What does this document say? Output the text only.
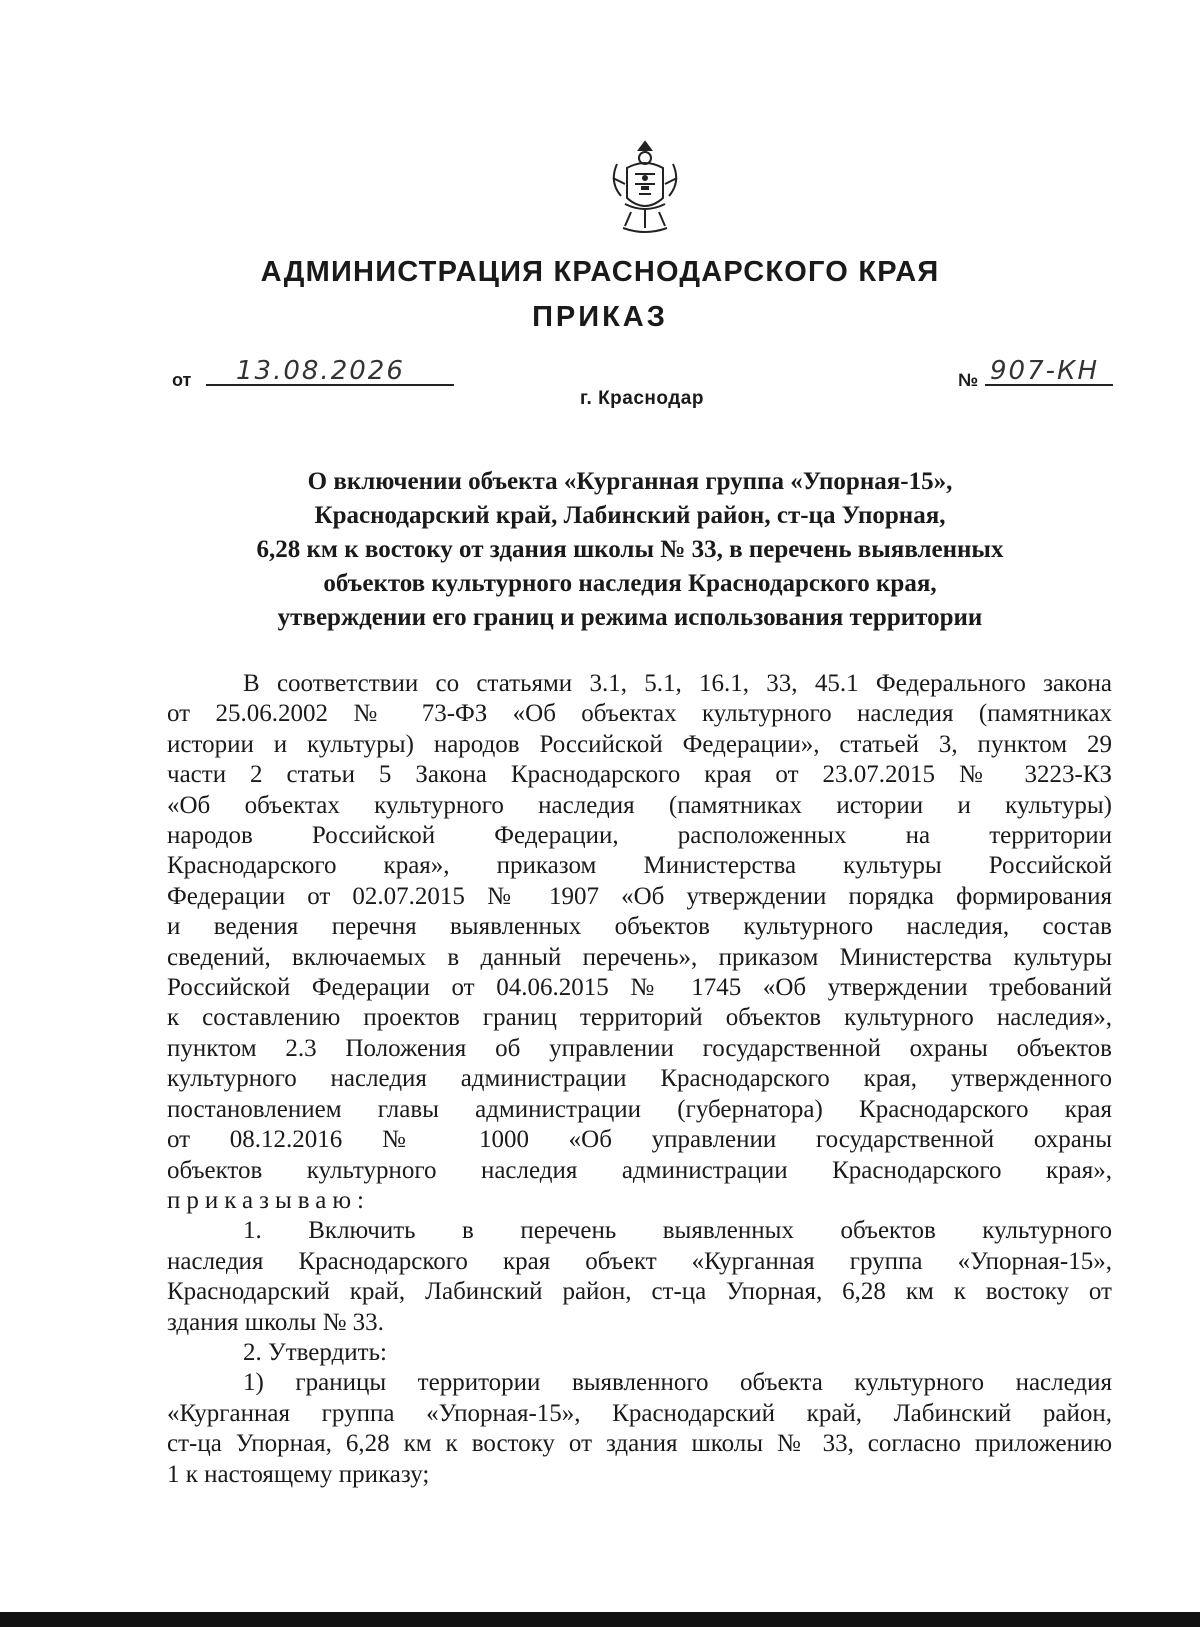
АДМИНИСТРАЦИЯ КРАСНОДАРСКОГО КРАЯ
ПРИКАЗ
от 13.08.2026	№ 907-КН
г. Краснодар
О включении объекта «Курганная группа «Упорная-15»,
Краснодарский край, Лабинский район, ст-ца Упорная,
6,28 км к востоку от здания школы № 33, в перечень выявленных
объектов культурного наследия Краснодарского края,
утверждении его границ и режима использования территории
В соответствии со статьями 3.1, 5.1, 16.1, 33, 45.1 Федерального закона
от 25.06.2002 № 73-ФЗ «Об объектах культурного наследия (памятниках
истории и культуры) народов Российской Федерации», статьей 3, пунктом 29
части 2 статьи 5 Закона Краснодарского края от 23.07.2015 № 3223-КЗ
«Об объектах культурного наследия (памятниках истории и культуры)
народов Российской Федерации, расположенных на территории
Краснодарского края», приказом Министерства культуры Российской
Федерации от 02.07.2015 № 1907 «Об утверждении порядка формирования
и ведения перечня выявленных объектов культурного наследия, состав
сведений, включаемых в данный перечень», приказом Министерства культуры
Российской Федерации от 04.06.2015 № 1745 «Об утверждении требований
к составлению проектов границ территорий объектов культурного наследия»,
пунктом 2.3 Положения об управлении государственной охраны объектов
культурного наследия администрации Краснодарского края, утвержденного
постановлением главы администрации (губернатора) Краснодарского края
от 08.12.2016 № 1000 «Об управлении государственной охраны
объектов культурного наследия администрации Краснодарского края»,
приказываю:
1. Включить в перечень выявленных объектов культурного
наследия Краснодарского края объект «Курганная группа «Упорная-15»,
Краснодарский край, Лабинский район, ст-ца Упорная, 6,28 км к востоку от
здания школы № 33.
2. Утвердить:
1) границы территории выявленного объекта культурного наследия
«Курганная группа «Упорная-15», Краснодарский край, Лабинский район,
ст-ца Упорная, 6,28 км к востоку от здания школы № 33, согласно приложению
1 к настоящему приказу;
